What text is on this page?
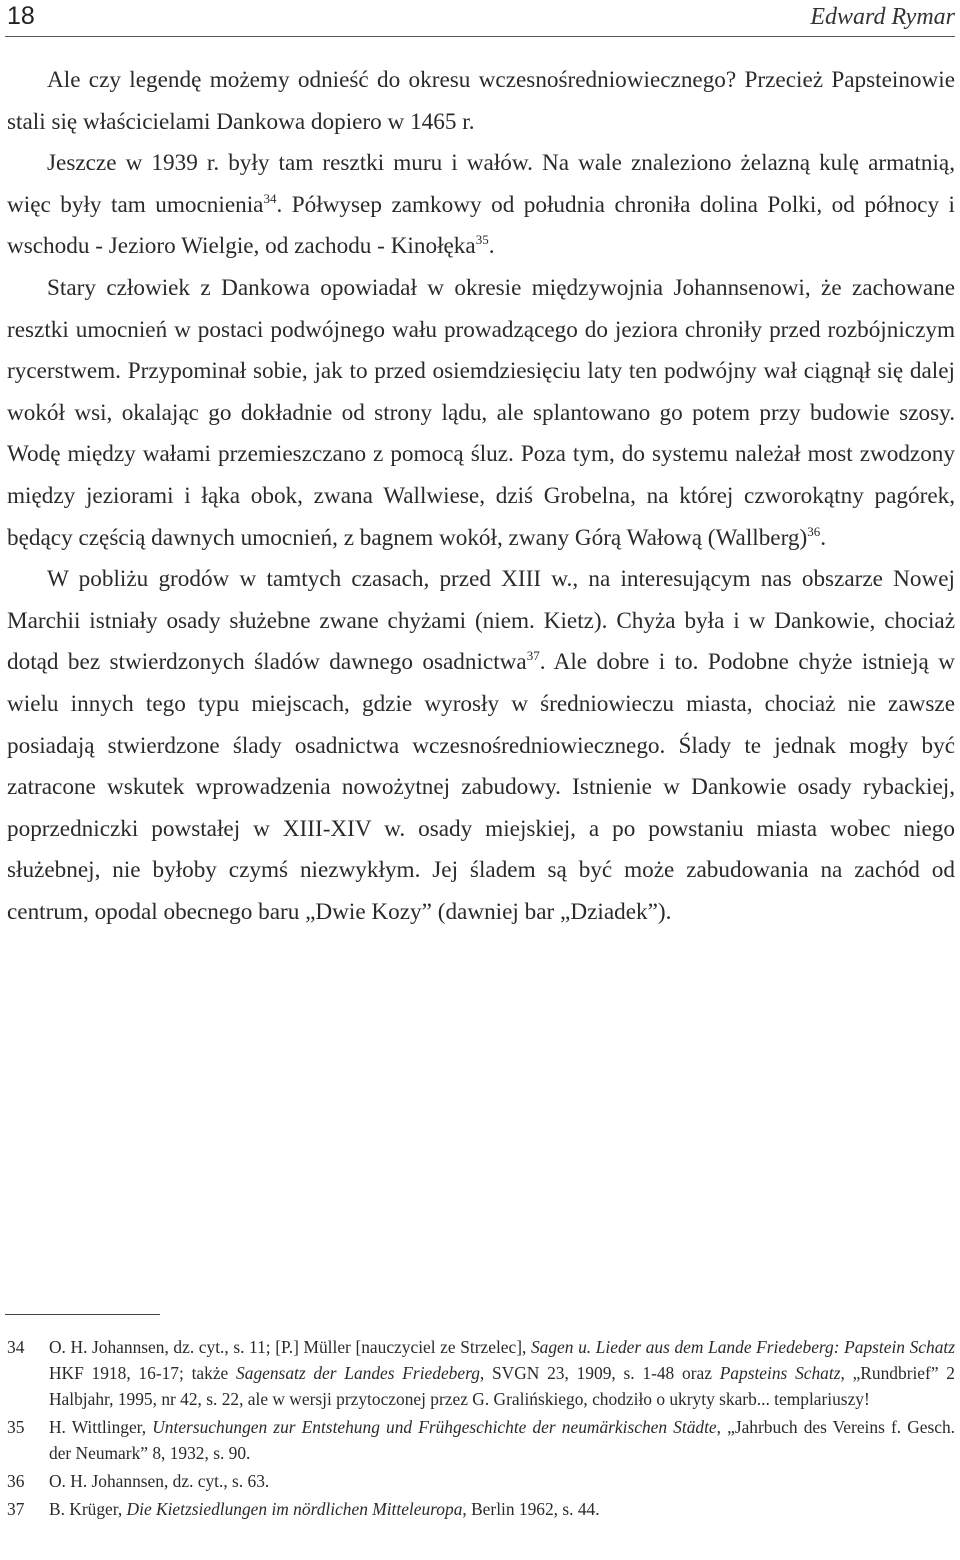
18	Edward Rymar

Ale czy legendę możemy odnieść do okresu wczesnośredniowiecznego? Przecież Papsteinowie stali się właścicielami Dankowa dopiero w 1465 r.

Jeszcze w 1939 r. były tam resztki muru i wałów. Na wale znaleziono żelazną kulę armatnią, więc były tam umocnienia$^{34}$. Półwysep zamkowy od południa chroniła dolina Polki, od północy i wschodu - Jezioro Wielgie, od zachodu - Kinołęka$^{35}$.

Stary człowiek z Dankowa opowiadał w okresie międzywojnia Johannsenowi, że zachowane resztki umocnień w postaci podwójnego wału prowadzącego do jeziora chroniły przed rozbójniczym rycerstwem. Przypominał sobie, jak to przed osiemdziesięciu laty ten podwójny wał ciągnął się dalej wokół wsi, okalając go dokładnie od strony lądu, ale splantowano go potem przy budowie szosy. Wodę między wałami przemieszczano z pomocą śluz. Poza tym, do systemu należał most zwodzony między jeziorami i łąka obok, zwana Wallwiese, dziś Grobelna, na której czworokątny pagórek, będący częścią dawnych umocnień, z bagnem wokół, zwany Górą Wałową (Wallberg)$^{36}$.

W pobliżu grodów w tamtych czasach, przed XIII w., na interesującym nas obszarze Nowej Marchii istniały osady służebne zwane chyżami (niem. Kietz). Chyża była i w Dankowie, chociaż dotąd bez stwierdzonych śladów dawnego osadnictwa$^{37}$. Ale dobre i to. Podobne chyże istnieją w wielu innych tego typu miejscach, gdzie wyrosły w średniowieczu miasta, chociaż nie zawsze posiadają stwierdzone ślady osadnictwa wczesnośredniowiecznego. Ślady te jednak mogły być zatracone wskutek wprowadzenia nowożytnej zabudowy. Istnienie w Dankowie osady rybackiej, poprzedniczki powstałej w XIII-XIV w. osady miejskiej, a po powstaniu miasta wobec niego służebnej, nie byłoby czymś niezwykłym. Jej śladem są być może zabudowania na zachód od centrum, opodal obecnego baru „Dwie Kozy” (dawniej bar „Dziadek”).

34	O. H. Johannsen, dz. cyt., s. 11; [P.] Müller [nauczyciel ze Strzelec], Sagen u. Lieder aus dem Lande Friedeberg: Papstein Schatz HKF 1918, 16-17; także Sagensatz der Landes Friedeberg, SVGN 23, 1909, s. 1-48 oraz Papsteins Schatz, „Rundbrief” 2 Halbjahr, 1995, nr 42, s. 22, ale w wersji przytoczonej przez G. Gralińskiego, chodziło o ukryty skarb... templariuszy!
35	H. Wittlinger, Untersuchungen zur Entstehung und Frühgeschichte der neumärkischen Städte, „Jahrbuch des Vereins f. Gesch. der Neumark” 8, 1932, s. 90.
36	O. H. Johannsen, dz. cyt., s. 63.
37	B. Krüger, Die Kietzsiedlungen im nördlichen Mitteleuropa, Berlin 1962, s. 44.
